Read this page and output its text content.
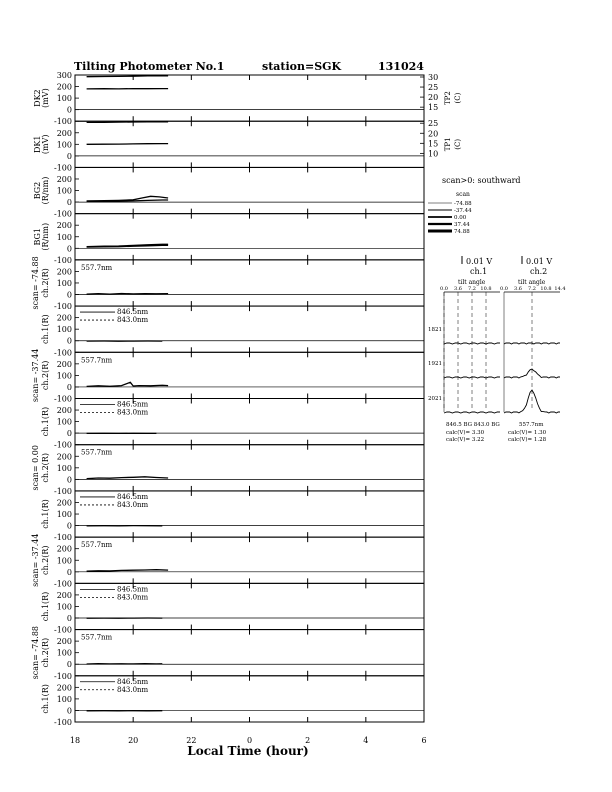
Tilting Photometer No.1	station=SGK	131024
300
200
100
0
-100
DK2 (mV)
30
25
20
15
TP2 (C)
200
100
0
-100
DK1 (mV)
25
20
15
10
TP1 (C)
200
100
0
-100
BG2 (R/nm)
200
100
0
-100
BG1 (R/nm)
200
100
0
-100
scan= -74.88 ch.2(R)
557.7nm
200
100
0
-100
ch.1(R)
846.5nm
843.0nm
200
100
0
-100
scan= -37.44 ch.2(R)
557.7nm
200
100
0
-100
ch.1(R)
846.5nm
843.0nm
200
100
0
-100
scan= 0.00 ch.2(R)
557.7nm
200
100
0
-100
ch.1(R)
846.5nm
843.0nm
200
100
0
-100
scan= -37.44 ch.2(R)
557.7nm
200
100
0
-100
ch.1(R)
846.5nm
843.0nm
200
100
0
-100
scan= -74.88 ch.2(R)
557.7nm
200
100
0
-100
ch.1(R)
846.5nm
843.0nm
18	20	22	0	2	4	6
Local Time (hour)
scan>0: southward
scan
-74.88
-37.44
0.00
37.44
74.88
0.01 V	0.01 V
ch.1	ch.2
tilt angle	tilt angle
0.0 3.6 7.2 10.8 0.0 3.6 7.2 10.8 14.4
1821
1921
2021
846.5 BG 843.0 BG	557.7nm
calc(V)= 3.30
calc(V)= 3.22
calc(V)= 1.30
calc(V)= 1.28
